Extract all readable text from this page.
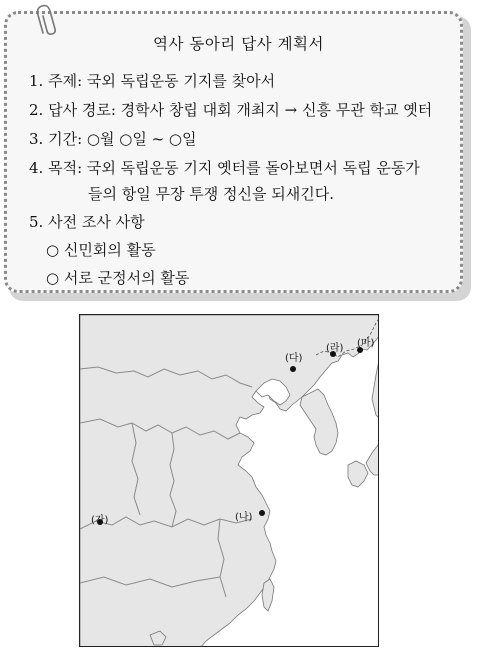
역사 동아리 답사 계획서
1. 주제: 국외 독립운동 기지를 찾아서
2. 답사 경로: 경학사 창립 대회 개최지 → 신흥 무관 학교 옛터
3. 기간: ○월 ○일 ~ ○일
4. 목적: 국외 독립운동 기지 옛터를 돌아보면서 독립 운동가
들의 항일 무장 투쟁 정신을 되새긴다.
5. 사전 조사 사항
○ 신민회의 활동
○ 서로 군정서의 활동
(가)	(나)
(다)
(라) (마)
